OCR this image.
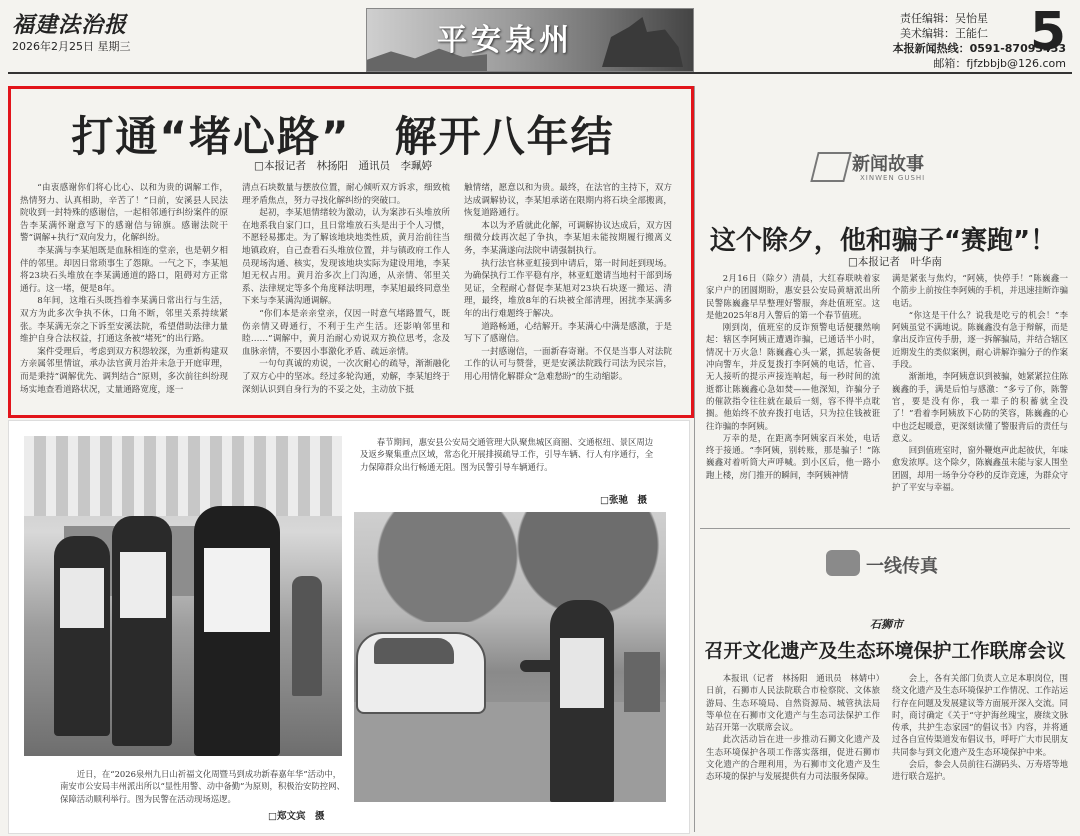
福建法治报
2026年2月25日 星期三	平安泉州
责任编辑：吴怡星
美术编辑：王能仁
本报新闻热线：0591-87095453
邮箱：fjfzbbjb@126.com
5
打通“堵心路”　解开八年结
□本报记者　林扬阳　通讯员　李珮婷

“由衷感谢你们将心比心、以和为贵的调解工作，热情努力、认真相助，辛苦了！”日前，安溪县人民法院收到一封特殊的感谢信，一起相邻通行纠纷案件的原告李某满怀谢意写下的感谢信与锦旗。感谢法院干警“调解+执行”双向发力，化解纠纷。

李某满与李某旭既是血脉相连的堂亲，也是朝夕相伴的邻里。却因日常琐事生了怨隙。一气之下，李某旭将23块石头堆放在李某满通道的路口，阻碍对方正常通行。这一堵，便是8年。

8年间，这堆石头既挡着李某满日常出行与生活，双方为此多次争执不休，口角不断，邻里关系持续紧张。李某满无奈之下诉至安溪法院，希望借助法律力量维护自身合法权益，打通这条被“堵死”的出行路。

案件受理后，考虑到双方积怨较深，为重新构建双方亲属邻里情谊，承办法官黄月治并未急于开庭审理，而是秉持“调解优先、调判结合”原则，多次前往纠纷现场实地查看道路状况，丈量通路宽度，逐一

清点石块数量与摆放位置，耐心倾听双方诉求，细致梳理矛盾焦点，努力寻找化解纠纷的突破口。

起初，李某旭情绪较为激动，认为案涉石头堆放所在地系我自家门口，且日常堆放石头是出于个人习惯，不愿轻易挪走。为了解该地块地类性质，黄月治前往当地镇政府，自己查看石头堆放位置，并与镇政府工作人员现场沟通、核实，发现该地块实际为建设用地，李某旭无权占用。黄月治多次上门沟通，从亲情、邻里关系、法律规定等多个角度释法明理，李某旭最终同意坐下来与李某满沟通调解。

“你们本是亲亲堂亲，仅因一时意气堵路置气，既伤亲情又碍通行，不利于生产生活。还影响邻里和睦……”调解中，黄月治耐心劝说双方换位思考，念及血脉亲情，不要因小事激化矛盾、疏远亲情。

一句句真诚的劝说，一次次耐心的疏导，渐渐融化了双方心中的坚冰。经过多轮沟通，劝解，李某旭终于深刻认识到自身行为的不妥之处，主动放下抵

触情绪，愿意以和为贵。最终，在法官的主持下，双方达成调解协议，李某旭承诺在限期内将石块全部搬离，恢复道路通行。

本以为矛盾就此化解，可调解协议达成后，双方因细微分歧再次起了争执，李某旭未能按期履行搬离义务，李某满遂向法院申请强制执行。

执行法官林亚虹接到申请后，第一时间赶到现场。为确保执行工作平稳有序，林亚虹邀请当地村干部到场见证，全程耐心督促李某旭对23块石块逐一搬运、清理，最终，堆放8年的石块被全部清理，困扰李某满多年的出行难题终于解决。

道路畅通，心结解开。李某满心中满是感激，于是写下了感谢信。

一封感谢信，一面新春寄谢。不仅是当事人对法院工作的认可与赞誉，更是安溪法院践行司法为民宗旨，用心用情化解群众“急难愁盼”的生动缩影。

春节期间，惠安县公安局交通管理大队聚焦城区商圈、交通枢纽、景区周边及返乡聚集重点区域，常态化开展排摸疏导工作，引导车辆、行人有序通行，全力保障群众出行畅通无阻。图为民警引导车辆通行。
□张驰　摄
近日，在“2026泉州九日山祈福文化周暨马到成功新春嘉年华”活动中，南安市公安局丰州派出所以“显性用警、动中备勤”为原则，积极治安防控网、保障活动顺利举行。图为民警在活动现场巡逻。
□郑文宾　摄
新闻故事
XINWEN GUSHI
这个除夕，他和骗子“赛跑”！
□本报记者　叶华南

2月16日（除夕）清晨，大红春联映着家家户户的团圆期盼，惠安县公安局黄塘派出所民警陈巍鑫早早整理好警服，奔赴值班室。这是他2025年8月入警后的第一个春节值班。

刚到岗，值班室的反诈预警电话便骤然响起：辖区李阿姨正遭遇诈骗，已通话半小时，情况十万火急！陈巍鑫心头一紧，抓起装备便冲向警车，并反复拨打李阿姨的电话，忙音、无人接听的提示声接连响起，每一秒时间的流逝都让陈巍鑫心急如焚——他深知，诈骗分子的催款指令往往就在最后一刻，容不得半点耽搁。他始终不放弃拨打电话，只为拉住钱被诳往诈骗的李阿姨。

万幸的是，在距离李阿姨家百米处，电话终于接通。“李阿姨，别转账，那是骗子！”陈巍鑫对着听筒大声呼喊。到小区后，他一路小跑上楼，房门推开的瞬间，李阿姨神情

满是紧张与焦灼，“阿姨，快停手！”陈巍鑫一个箭步上前按住李阿姨的手机，并迅速挂断诈骗电话。

“你这是干什么？说我是吃亏的机会！”李阿姨虽觉不满地说。陈巍鑫没有急于辩解，而是拿出反诈宣传手册，逐一拆解骗局，并结合辖区近期发生的类似案例，耐心讲解诈骗分子的作案手段。

渐渐地，李阿姨意识到被骗，她紧紧拉住陈巍鑫的手，满是后怕与感激：“多亏了你，陈警官，要是没有你，我一辈子的积蓄就全没了！”看着李阿姨放下心防的笑容，陈巍鑫的心中也泛起暖意，更深刻读懂了警服背后的责任与意义。

回到值班室时，窗外鞭炮声此起彼伏，年味愈发浓厚。这个除夕，陈巍鑫虽未能与家人围坐团圆，却用一场争分夺秒的反诈竞速，为群众守护了平安与幸福。

一线传真
石狮市
召开文化遗产及生态环境保护工作联席会议

本报讯（记者　林扬阳　通讯员　林婧中）日前，石狮市人民法院联合市检察院、文体旅游局、生态环境局、自然资源局、城管执法局等单位在石狮市文化遗产与生态司法保护工作站召开第一次联席会议。

此次活动旨在进一步推动石狮文化遗产及生态环境保护各项工作落实落细，促进石狮市文化遗产的合理利用，为石狮市文化遗产及生态环境的保护与发展提供有力司法服务保障。

会上，各有关部门负责人立足本职岗位，围绕文化遗产及生态环境保护工作情况、工作站运行存在问题及发展建议等方面展开深入交流。同时，商讨确定《关于“守护海丝瑰宝，赓续文脉传承，共护生态家园”的倡议书》内容，并将通过各自宣传渠道发布倡议书，呼吁广大市民朋友共同参与到文化遗产及生态环境保护中来。

会后，参会人员前往石湖码头、万寿塔等地进行联合巡护。
